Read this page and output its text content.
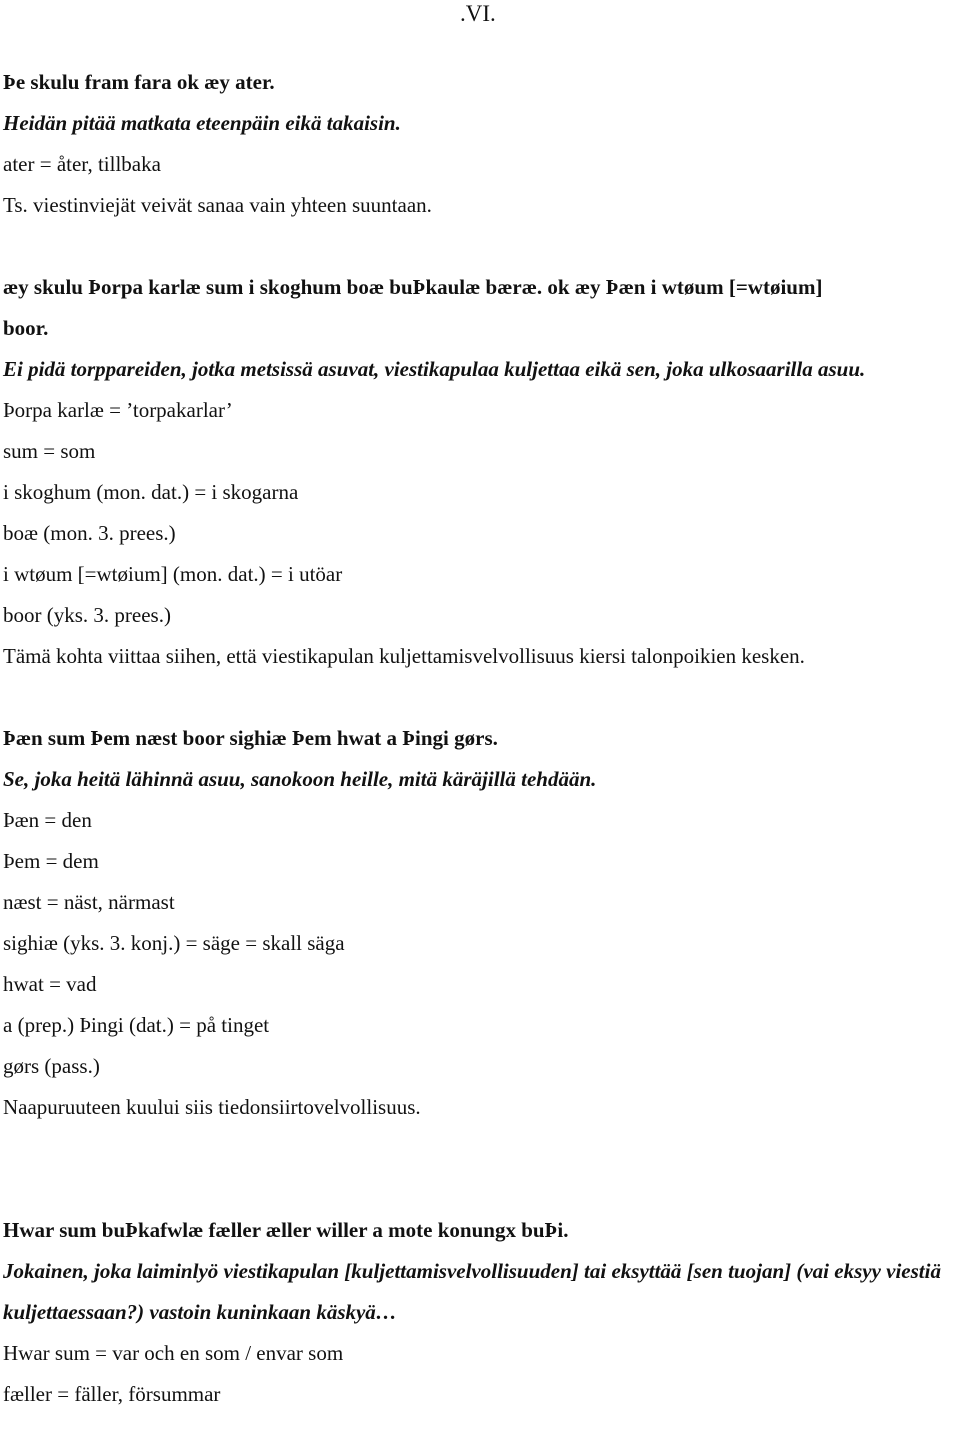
.VI.
Þe skulu fram fara ok æy ater.
Heidän pitää matkata eteenpäin eikä takaisin.
ater = åter, tillbaka
Ts. viestinviejät veivät sanaa vain yhteen suuntaan.
æy skulu Þorpa karlæ sum i skoghum boæ buÞkaulæ bæræ. ok æy Þæn i wtøum [=wtøium]
boor.
Ei pidä torppareiden, jotka metsissä asuvat, viestikapulaa kuljettaa eikä sen, joka ulkosaarilla asuu.
Þorpa karlæ = ’torpakarlar’
sum = som
i skoghum (mon. dat.) = i skogarna
boæ (mon. 3. prees.)
i wtøum [=wtøium] (mon. dat.) = i utöar
boor (yks. 3. prees.)
Tämä kohta viittaa siihen, että viestikapulan kuljettamisvelvollisuus kiersi talonpoikien kesken.
Þæn sum Þem næst boor sighiæ Þem hwat a Þingi gørs.
Se, joka heitä lähinnä asuu, sanokoon heille, mitä käräjillä tehdään.
Þæn = den
Þem = dem
næst = näst, närmast
sighiæ (yks. 3. konj.) = säge = skall säga
hwat = vad
a (prep.) Þingi (dat.) = på tinget
gørs (pass.)
Naapuruuteen kuului siis tiedonsiirtovelvollisuus.
Hwar sum buÞkafwlæ fæller æller willer a mote konungx buÞi.
Jokainen, joka laiminlyö viestikapulan [kuljettamisvelvollisuuden] tai eksyttää [sen tuojan] (vai eksyy viestiä kuljettaessaan?) vastoin kuninkaan käskyä…
Hwar sum = var och en som / envar som
fæller = fäller, försummar
